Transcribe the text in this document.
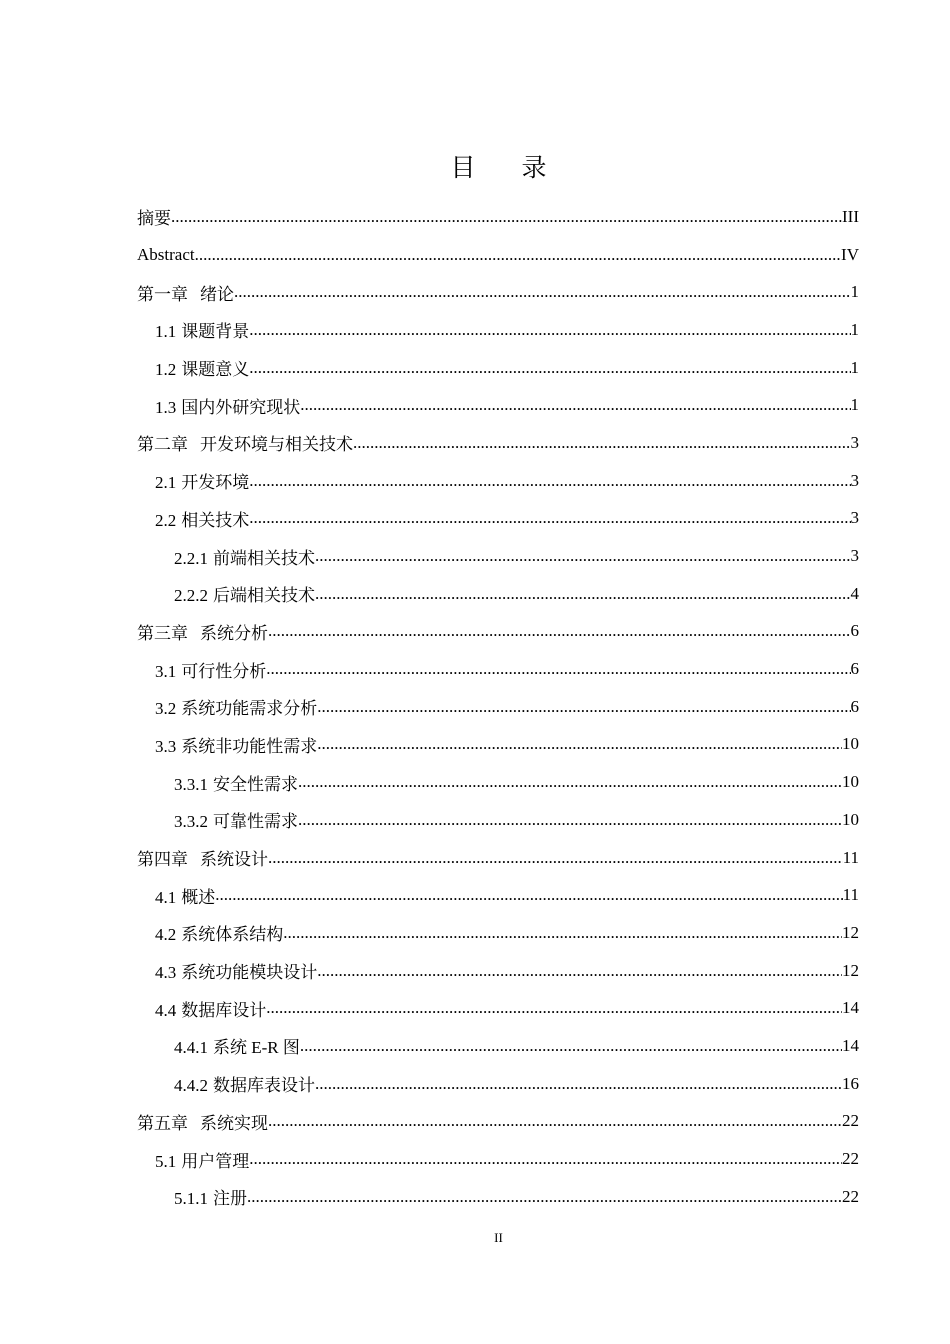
目 录
摘要 .....	III
Abstract .....	IV
第一章 绪论 .....	1
1.1 课题背景 .....	1
1.2 课题意义 .....	1
1.3 国内外研究现状 .....	1
第二章 开发环境与相关技术 .....	3
2.1 开发环境 .....	3
2.2 相关技术 .....	3
2.2.1 前端相关技术 .....	3
2.2.2 后端相关技术 .....	4
第三章 系统分析 .....	6
3.1 可行性分析 .....	6
3.2 系统功能需求分析 .....	6
3.3 系统非功能性需求 .....	10
3.3.1 安全性需求 .....	10
3.3.2 可靠性需求 .....	10
第四章 系统设计 .....	11
4.1 概述 .....	11
4.2 系统体系结构 .....	12
4.3 系统功能模块设计 .....	12
4.4 数据库设计 .....	14
4.4.1 系统 E-R 图 .....	14
4.4.2 数据库表设计 .....	16
第五章 系统实现 .....	22
5.1 用户管理 .....	22
5.1.1 注册 .....	22
II
